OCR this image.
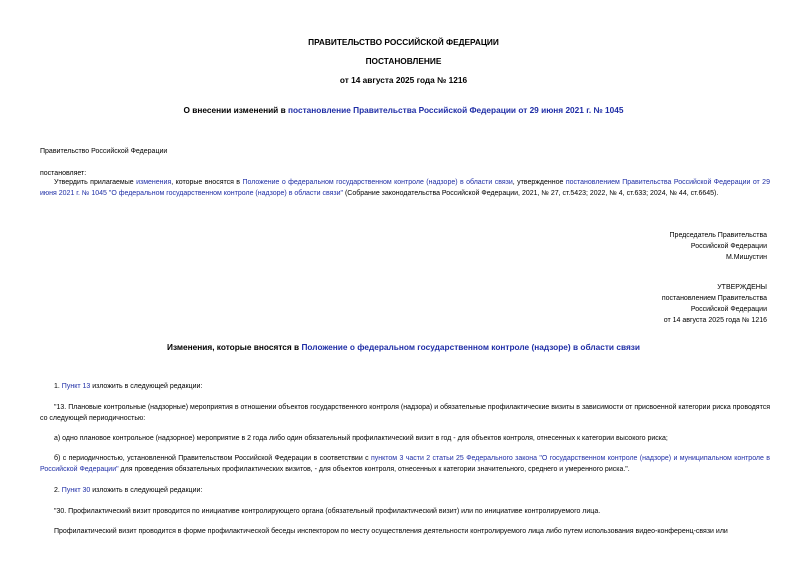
ПРАВИТЕЛЬСТВО РОССИЙСКОЙ ФЕДЕРАЦИИ
ПОСТАНОВЛЕНИЕ
от 14 августа 2025 года № 1216
О внесении изменений в постановление Правительства Российской Федерации от 29 июня 2021 г. № 1045
Правительство Российской Федерации
постановляет:
Утвердить прилагаемые изменения, которые вносятся в Положение о федеральном государственном контроле (надзоре) в области связи, утвержденное постановлением Правительства Российской Федерации от 29 июня 2021 г. № 1045 "О федеральном государственном контроле (надзоре) в области связи" (Собрание законодательства Российской Федерации, 2021, № 27, ст.5423; 2022, № 4, ст.633; 2024, № 44, ст.6645).
Председатель Правительства
Российской Федерации
М.Мишустин
УТВЕРЖДЕНЫ
постановлением Правительства
Российской Федерации
от 14 августа 2025 года № 1216
Изменения, которые вносятся в Положение о федеральном государственном контроле (надзоре) в области связи
1. Пункт 13 изложить в следующей редакции:
"13. Плановые контрольные (надзорные) мероприятия в отношении объектов государственного контроля (надзора) и обязательные профилактические визиты в зависимости от присвоенной категории риска проводятся со следующей периодичностью:
а) одно плановое контрольное (надзорное) мероприятие в 2 года либо один обязательный профилактический визит в год - для объектов контроля, отнесенных к категории высокого риска;
б) с периодичностью, установленной Правительством Российской Федерации в соответствии с пунктом 3 части 2 статьи 25 Федерального закона "О государственном контроле (надзоре) и муниципальном контроле в Российской Федерации" для проведения обязательных профилактических визитов, - для объектов контроля, отнесенных к категории значительного, среднего и умеренного риска.".
2. Пункт 30 изложить в следующей редакции:
"30. Профилактический визит проводится по инициативе контролирующего органа (обязательный профилактический визит) или по инициативе контролируемого лица.
Профилактический визит проводится в форме профилактической беседы инспектором по месту осуществления деятельности контролируемого лица либо путем использования видео-конференц-связи или
